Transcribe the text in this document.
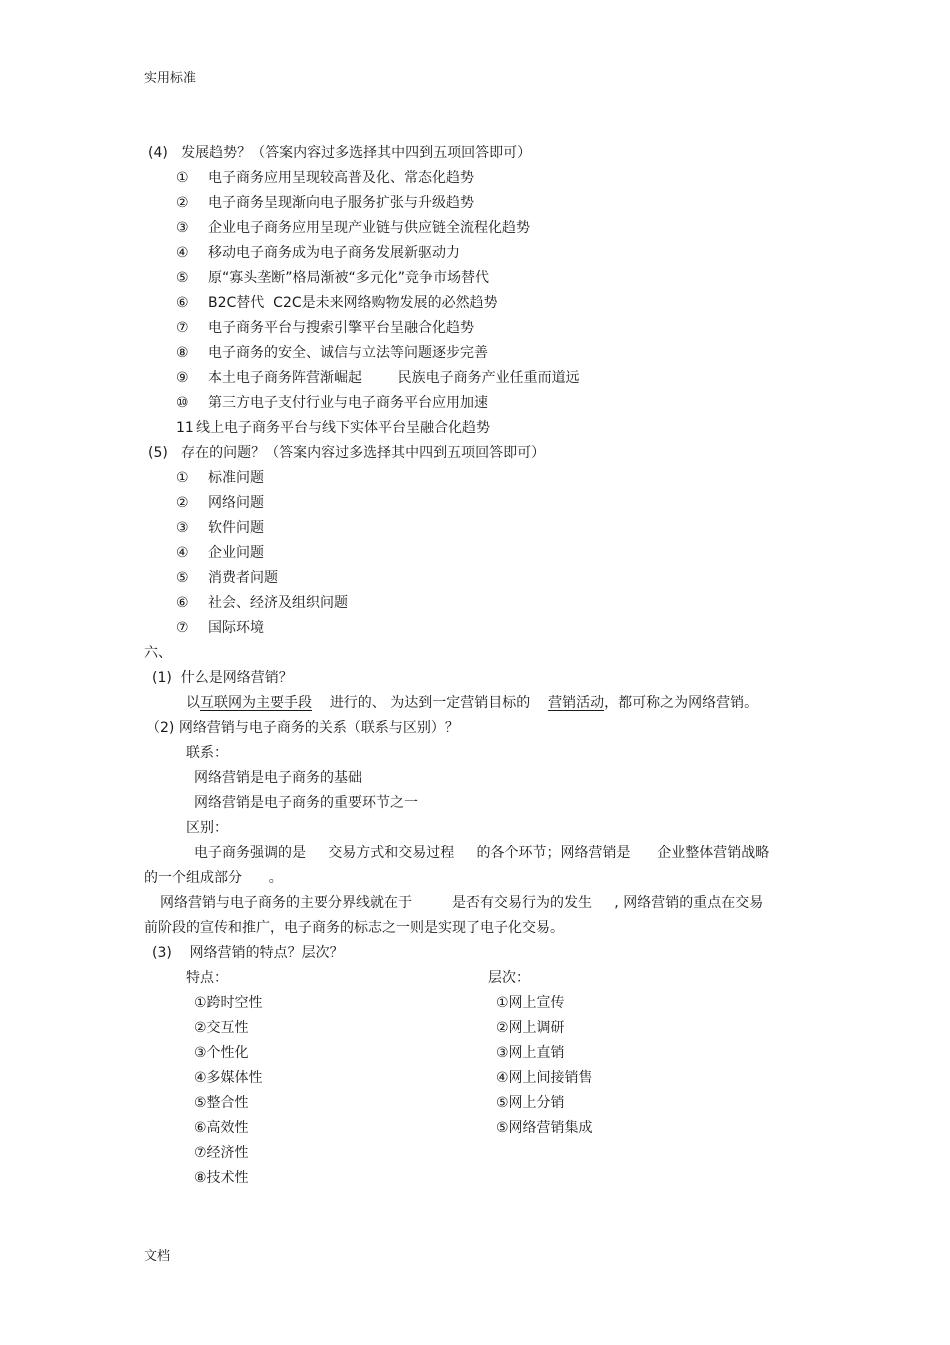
实用标准
文档
(4)   发展趋势？（答案内容过多选择其中四到五项回答即可）
① 电子商务应用呈现较高普及化、常态化趋势
② 电子商务呈现渐向电子服务扩张与升级趋势
③ 企业电子商务应用呈现产业链与供应链全流程化趋势
④ 移动电子商务成为电子商务发展新驱动力
⑤ 原“寡头垄断”格局渐被“多元化”竞争市场替代
⑥ B2C替代  C2C是未来网络购物发展的必然趋势
⑦ 电子商务平台与搜索引擎平台呈融合化趋势
⑧ 电子商务的安全、诚信与立法等问题逐步完善
⑨ 本土电子商务阵营渐崛起        民族电子商务产业任重而道远
⑩ 第三方电子支付行业与电子商务平台应用加速
11 线上电子商务平台与线下实体平台呈融合化趋势
(5)   存在的问题？（答案内容过多选择其中四到五项回答即可）
① 标准问题
② 网络问题
③ 软件问题
④ 企业问题
⑤ 消费者问题
⑥ 社会、经济及组织问题
⑦ 国际环境
六、
(1)  什么是网络营销？
以互联网为主要手段 进行的、 为达到一定营销目标的 营销活动，都可称之为网络营销。
（2) 网络营销与电子商务的关系（联系与区别）？
联系：
网络营销是电子商务的基础
网络营销是电子商务的重要环节之一
区别：
电子商务强调的是     交易方式和交易过程     的各个环节；网络营销是      企业整体营销战略
的一个组成部分      。
网络营销与电子商务的主要分界线就在于         是否有交易行为的发生     , 网络营销的重点在交易
前阶段的宣传和推广，电子商务的标志之一则是实现了电子化交易。
(3)    网络营销的特点？层次？
特点：	层次：
①跨时空性
②交互性
③个性化
④多媒体性
⑤整合性
⑥高效性
⑦经济性
⑧技术性
①网上宣传
②网上调研
③网上直销
④网上间接销售
⑤网上分销
⑤网络营销集成
